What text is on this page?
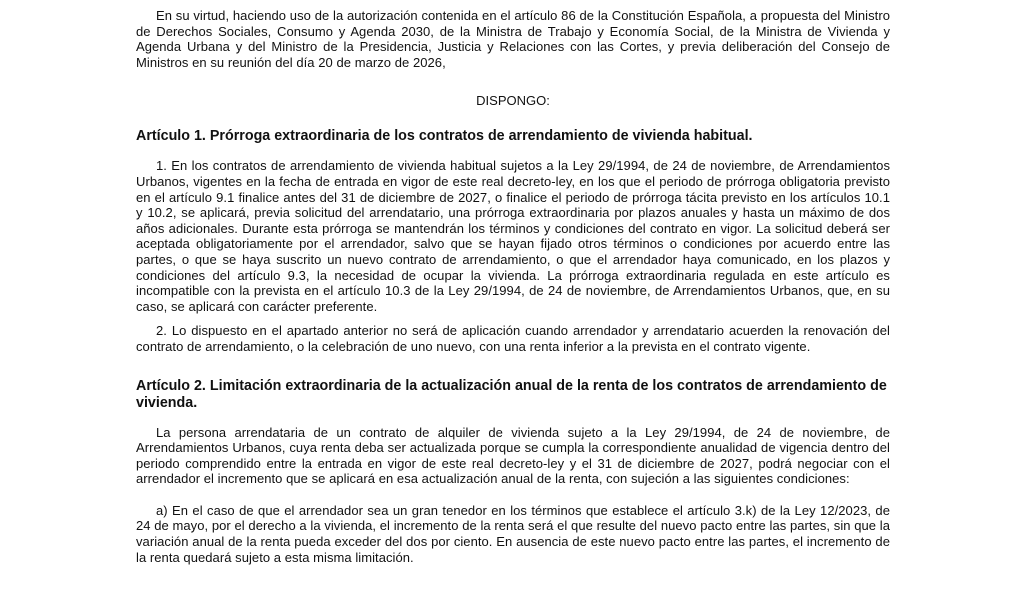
En su virtud, haciendo uso de la autorización contenida en el artículo 86 de la Constitución Española, a propuesta del Ministro de Derechos Sociales, Consumo y Agenda 2030, de la Ministra de Trabajo y Economía Social, de la Ministra de Vivienda y Agenda Urbana y del Ministro de la Presidencia, Justicia y Relaciones con las Cortes, y previa deliberación del Consejo de Ministros en su reunión del día 20 de marzo de 2026,

DISPONGO:

Artículo 1. Prórroga extraordinaria de los contratos de arrendamiento de vivienda habitual.

1. En los contratos de arrendamiento de vivienda habitual sujetos a la Ley 29/1994, de 24 de noviembre, de Arrendamientos Urbanos, vigentes en la fecha de entrada en vigor de este real decreto-ley, en los que el periodo de prórroga obligatoria previsto en el artículo 9.1 finalice antes del 31 de diciembre de 2027, o finalice el periodo de prórroga tácita previsto en los artículos 10.1 y 10.2, se aplicará, previa solicitud del arrendatario, una prórroga extraordinaria por plazos anuales y hasta un máximo de dos años adicionales. Durante esta prórroga se mantendrán los términos y condiciones del contrato en vigor. La solicitud deberá ser aceptada obligatoriamente por el arrendador, salvo que se hayan fijado otros términos o condiciones por acuerdo entre las partes, o que se haya suscrito un nuevo contrato de arrendamiento, o que el arrendador haya comunicado, en los plazos y condiciones del artículo 9.3, la necesidad de ocupar la vivienda. La prórroga extraordinaria regulada en este artículo es incompatible con la prevista en el artículo 10.3 de la Ley 29/1994, de 24 de noviembre, de Arrendamientos Urbanos, que, en su caso, se aplicará con carácter preferente.

2. Lo dispuesto en el apartado anterior no será de aplicación cuando arrendador y arrendatario acuerden la renovación del contrato de arrendamiento, o la celebración de uno nuevo, con una renta inferior a la prevista en el contrato vigente.

Artículo 2. Limitación extraordinaria de la actualización anual de la renta de los contratos de arrendamiento de vivienda.

La persona arrendataria de un contrato de alquiler de vivienda sujeto a la Ley 29/1994, de 24 de noviembre, de Arrendamientos Urbanos, cuya renta deba ser actualizada porque se cumpla la correspondiente anualidad de vigencia dentro del periodo comprendido entre la entrada en vigor de este real decreto-ley y el 31 de diciembre de 2027, podrá negociar con el arrendador el incremento que se aplicará en esa actualización anual de la renta, con sujeción a las siguientes condiciones:

a) En el caso de que el arrendador sea un gran tenedor en los términos que establece el artículo 3.k) de la Ley 12/2023, de 24 de mayo, por el derecho a la vivienda, el incremento de la renta será el que resulte del nuevo pacto entre las partes, sin que la variación anual de la renta pueda exceder del dos por ciento. En ausencia de este nuevo pacto entre las partes, el incremento de la renta quedará sujeto a esta misma limitación.
